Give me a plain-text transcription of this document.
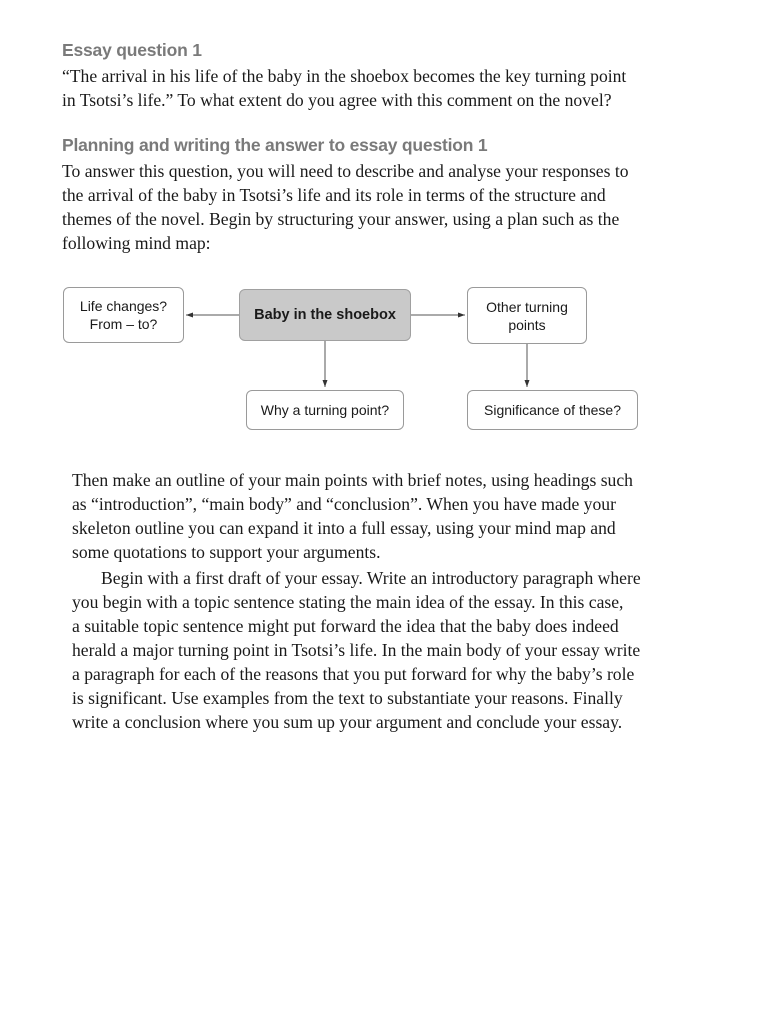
Essay question 1

“The arrival in his life of the baby in the shoebox becomes the key turning point
in Tsotsi’s life.” To what extent do you agree with this comment on the novel?

Planning and writing the answer to essay question 1

To answer this question, you will need to describe and analyse your responses to
the arrival of the baby in Tsotsi’s life and its role in terms of the structure and
themes of the novel. Begin by structuring your answer, using a plan such as the
following mind map:

Life changes?
From – to?
Baby in the shoebox
Other turning
points
Why a turning point?	Significance of these?

Then make an outline of your main points with brief notes, using headings such
as “introduction”, “main body” and “conclusion”. When you have made your
skeleton outline you can expand it into a full essay, using your mind map and
some quotations to support your arguments.

Begin with a first draft of your essay. Write an introductory paragraph where
you begin with a topic sentence stating the main idea of the essay. In this case,
a suitable topic sentence might put forward the idea that the baby does indeed
herald a major turning point in Tsotsi’s life. In the main body of your essay write
a paragraph for each of the reasons that you put forward for why the baby’s role
is significant. Use examples from the text to substantiate your reasons. Finally
write a conclusion where you sum up your argument and conclude your essay.
